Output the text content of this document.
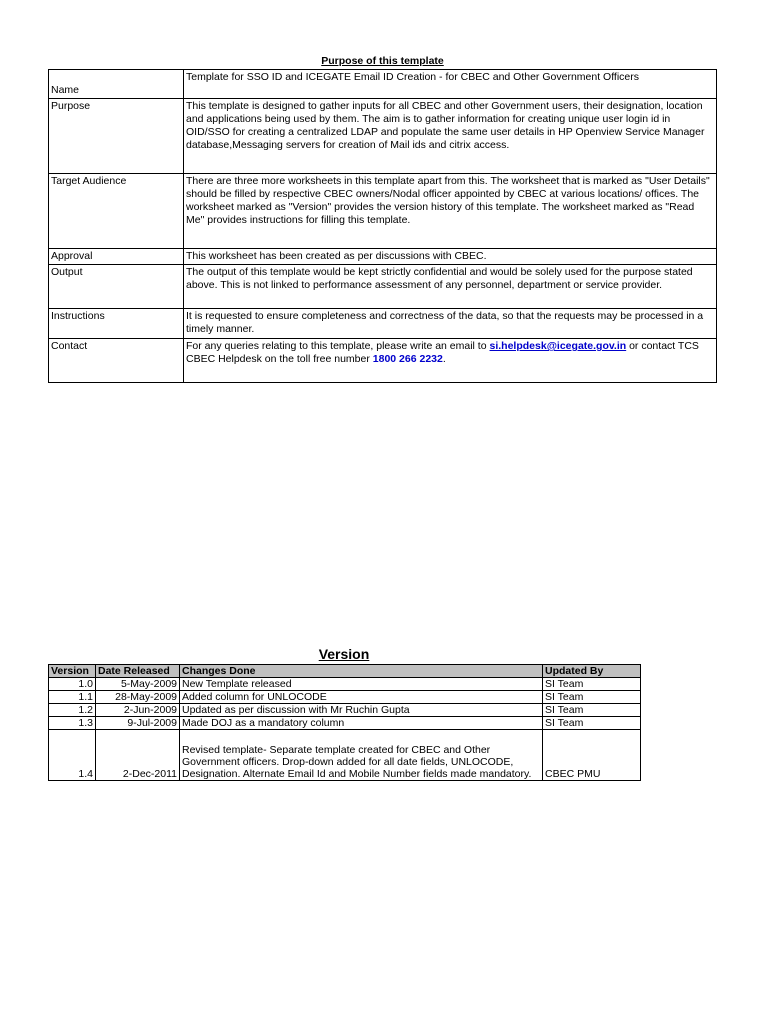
Purpose of this template
Name	Template for SSO ID and ICEGATE Email ID Creation - for CBEC and Other Government Officers
Purpose	This template is designed to gather inputs for all CBEC and other Government users, their designation, location and applications being used by them. The aim is to gather information for creating unique user login id in OID/SSO for creating a centralized LDAP and populate the same user details in HP Openview Service Manager database,Messaging servers for creation of Mail ids and citrix access.
Target Audience	There are three more worksheets in this template apart from this. The worksheet that is marked as "User Details" should be filled by respective CBEC owners/Nodal officer appointed by CBEC at various locations/ offices. The worksheet marked as "Version" provides the version history of this template. The worksheet marked as "Read Me" provides instructions for filling this template.
Approval	This worksheet has been created as per discussions with CBEC.
Output	The output of this template would be kept strictly confidential and would be solely used for the purpose stated above. This is not linked to performance assessment of any personnel, department or service provider.
Instructions	It is requested to ensure completeness and correctness of the data, so that the requests may be processed in a timely manner.
Contact	For any queries relating to this template, please write an email to si.helpdesk@icegate.gov.in or contact TCS CBEC Helpdesk on the toll free number 1800 266 2232.
Version
Version	Date Released	Changes Done	Updated By
1.0	5-May-2009	New Template released	SI Team
1.1	28-May-2009	Added column for UNLOCODE	SI Team
1.2	2-Jun-2009	Updated as per discussion with Mr Ruchin Gupta	SI Team
1.3	9-Jul-2009	Made DOJ as a mandatory column	SI Team
1.4	2-Dec-2011	Revised template- Separate template created for CBEC and Other Government officers. Drop-down added for all date fields, UNLOCODE, Designation. Alternate Email Id and Mobile Number fields made mandatory.	CBEC PMU
